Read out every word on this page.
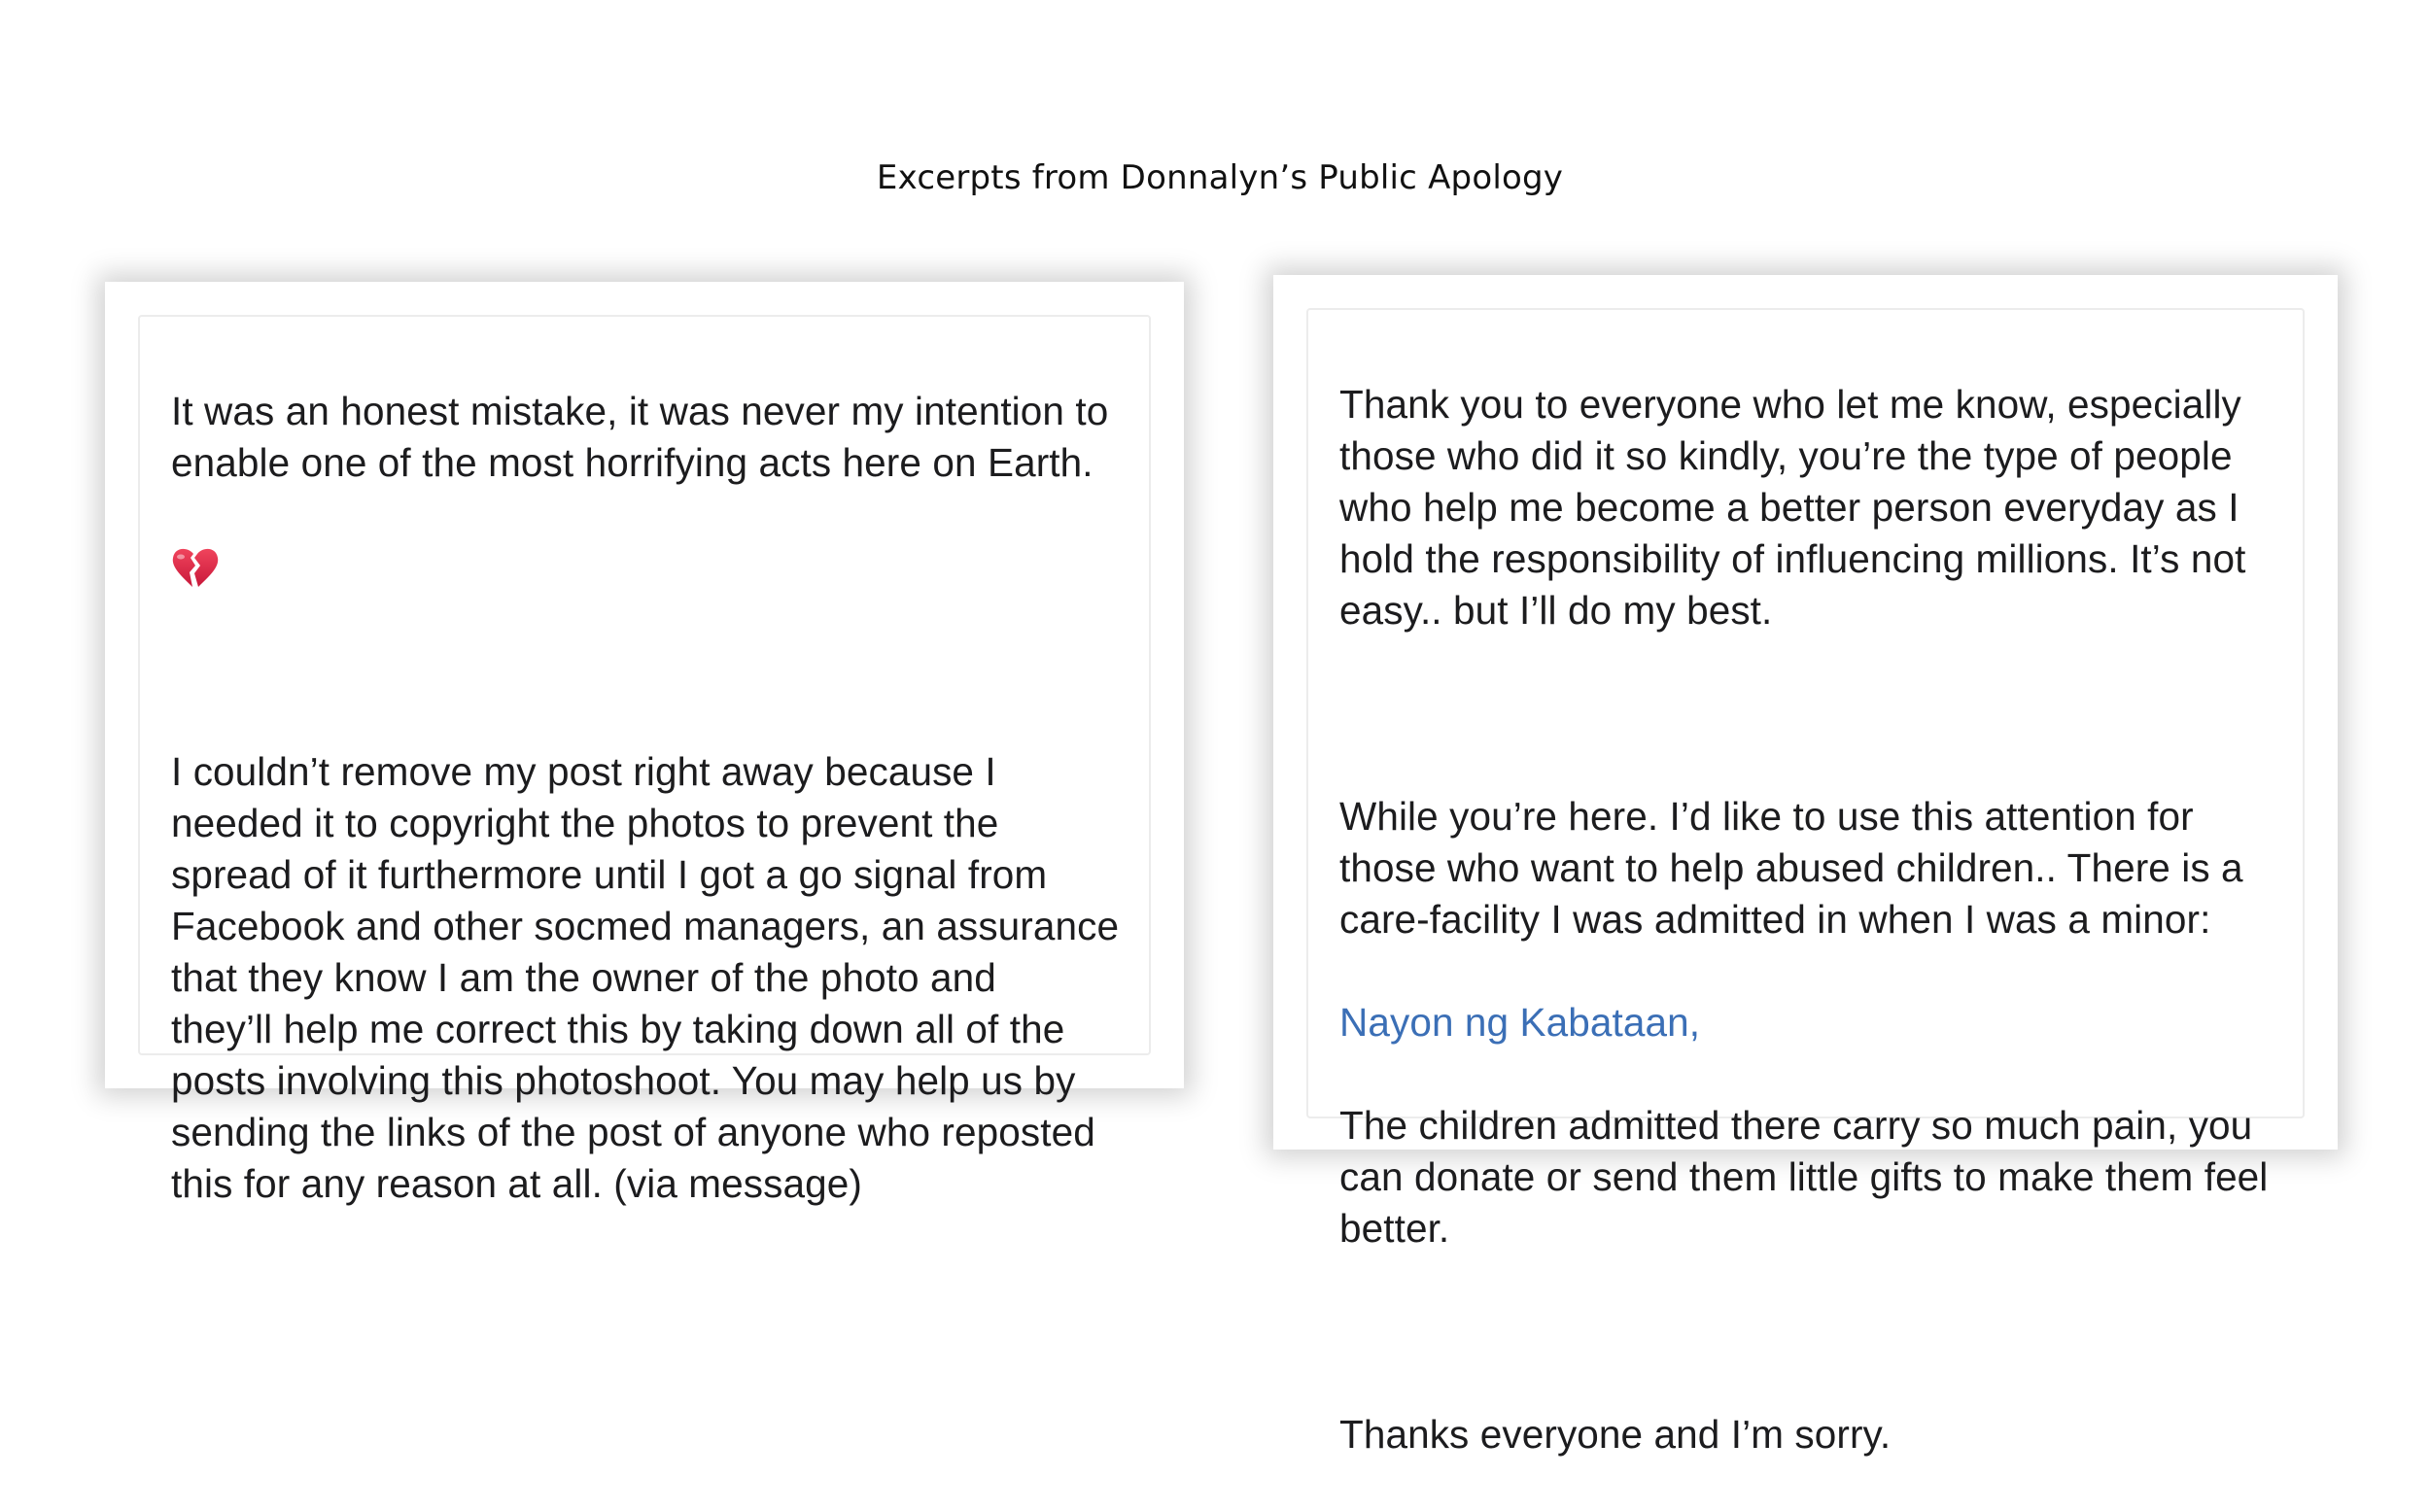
Excerpts from Donnalyn’s Public Apology

It was an honest mistake, it was never my intention to
enable one of the most horrifying acts here on Earth.

I couldn’t remove my post right away because I
needed it to copyright the photos to prevent the
spread of it furthermore until I got a go signal from
Facebook and other socmed managers, an assurance
that they know I am the owner of the photo and
they’ll help me correct this by taking down all of the
posts involving this photoshoot. You may help us by
sending the links of the post of anyone who reposted
this for any reason at all. (via message)

Thank you to everyone who let me know, especially
those who did it so kindly, you’re the type of people
who help me become a better person everyday as I
hold the responsibility of influencing millions. It’s not
easy.. but I’ll do my best.

While you’re here. I’d like to use this attention for
those who want to help abused children.. There is a
care-facility I was admitted in when I was a minor:

Nayon ng Kabataan,

The children admitted there carry so much pain, you
can donate or send them little gifts to make them feel
better.

Thanks everyone and I’m sorry.
